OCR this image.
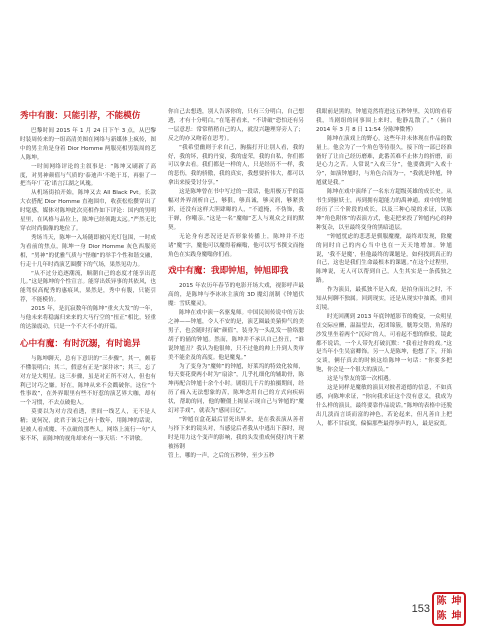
秀中有腹：只能引荐，不能模仿

巴黎时间 2015 年 1 月 24 日下午 3 点，从巴黎时装周传来的一组高清美图在网络与新媒体上疯传，图中的男主角是身着 Dior Homme 两服亮相男装周的艺人陈坤。

一时间网络评论的主叙事是：“陈坤又刷新了高度，对男神颜值与气质的‘泰迪声’不绝于耳，再驱了一把当年‘厂花’诺言江湖之风瑰。

从机场街拍开始，陈坤又去 All Black Pvt。长款大衣搭配 Dior Homme 直袍围巾，收获松松攒穿出了时髦感，媒体对陈坤此次亮相作如下评论：国内的男明星里，在风格与品位上，陈坤已经领跑太远。”严然无比穿衣时尚偶像的地位了。

秀场当天，陈坤一入场随即被闪光灯包围，一时成为看前的焦点，陈坤一身 Dior Homme 灰色西服亮相，“男神”的优雅气质与“怪咖”的举手个性和谐交融，行走十几年时尚演艺圈攒下的气场，果然见功力。

“从不过分追逐潮流，顺潮自己的态度才能享出范儿。”这是陈坤的个性宣言。能穿出妖异事的其依风，也能驾驭高配秀的惠痕风，果然是，秀中有腹，只能引荐，不能模仿。

2015 年，是沉寂数年的陈坤“重火大发”的一年，与他未来将稳露归来来的大马行空的“扭正”相比，轻重的达澡震动，只是一个不大不小的开篇。

心中有魔：有时沉溺，有时诡异

与陈坤聊天，总有下意识的“三步骤”，其一，颇着不懂装明白；其二，假意有正是“深井冰”；其三，忘了对方是大明星。这三步骤，虽是对正所不对人，但也有利已讨巧之嫌。好在，陈坤从来不会戳破你。这位“个性事故”，在外界眼里有些不好惹的演艺界大咖，却有一个习惯，不去点破他人。

莫要以为对方没看透，世间一线艺人，无不是人精；更何况，此君于该尖已有十数年，用陈坤的话说，是被人看成魔、不点破的那些人。网络上流行一句“人家不坏，而陈坤的视角却来有一事天培：“不讲敏。

你自己去想透，别人告诉你的，只有三分明白，自己想透，才有十分明白。”在笔者看来，“不讲破”恐怕还有另一层意思：常常稍稍自己的人，就没兴趣理穿旁人了；反之的亦又吻着在思考）。

“我希望幽则于求自己，胸揣打开让别人看，我的好，我的坏，我的丹宴，我的虚荣，我的自私，你们都可以拿去看。我们都是一样的人，只是经历不一样，我的悲伤，我的骄傲，我的真实，我想要折伟大，都可以拿出来接受讨分享。”

这是陈坤曾在书中写过的一段话，他用极万乎的篇幅对外界剖析自己，够狠，够真诚，够灵润，够紧贵彩，还没有这样大胆肆曝的人，“不遮掩，不伪饰，我干婵，你嘲亲。”这是一名“魔咖”艺人与观众之间的默契。

无论身有恶况还是否形象传播上，陈坤并不违诸“魔”字，魔他可以魔得着癫嗡，他可以写书撰文而拖角色在实践身魔嗡你们看。

戏中有魔：我即钟旭，钟旭即我

2015 年农历年春节的电影开场大戏，视影呼声最高的，是陈坤与李冰冰主演的 3D 魔幻剖制《钟馗伏魔：雪妖魔灵》。

陈坤在戏中演一名驱鬼师。中国民间传说中的万法之神——钟馗，令人不安的是，演艺圈最美猿仰气的美男子，也会随时打破“颜值”，装身为一头乱发一脸络腮胡子的俑的钟馗。然而，陈坤并不承认自己扮丑，“谁说钟馗丑？我认为他很帅，只不过他的帅上升到人类审美不能企及的高度。他是魔鬼。”

为了变身为“魔帅”的钟馗，好莱坞的特效化妆师，每天要花费两小时为“扇涂”，几乎扎细化的辅助骨，陈坤再配合钟馗十余个小时。剧组几千片的拍摄期间，经历了痛入无法想象的苦，陈坤念用自己的方式向疾病状，帮助的同，他的鞭僵上揭显示现自己与钟馗的“魔幻对手戏”，就表为“感同日亿”。

“钟馗在盒花最后冒死出界来，是在我表演从善者与择下来的镜头对，当感觉后者我从中逃出下落时，现时是用力这个变声的影响，我的头发重成何使打肉干紧被扬钢

管上，哪的一声，之后的五秒钟，至少五秒

我眼前是黑的，钟馗竟然将进这五秒钟里，关切的看着我，当剧组的同事围上来时，他静乱散了。”（摘自 2014 年 3 月 8 日 11:54 分陈坤微博）

陈坤在演戏上的野心，这些年并未体现在作品的数量上。他会为了一个角色等待很久，接下的一部已经准备好了让自己经历磨难，此番苦难不止体力的折磨，而是心力之苦。人常说“入戏三分”，他要做到“入戏十分”，如演钟馗时，与角色合而为一，“我就是钟馗，钟馗就是我。”

陈坤在戏中演绎了一名东方超级英雄的成长史。从书生到驱妖士，再到拥有超能力的禹神通。戏中的钟馗经历了三个阶段的成长，以及三种心境的求证，以陈坤“角色附体”的表演方式，他走把来投了钟馗内心的种种复杂，以至最终变身的黑暗道层。

“钟馗忧虑的悲悲是驯服魔魔，最终却发现，除魔的同时自己的内心当中也在一天天地增加。钟馗说，‘我不是魔’，但他最终的课题是，如何找到真正的自己，这也是我们生命最根本的课题。”在这个过程里，陈坤说，无人可以帮到自己，人生其实是一条孤独之路。

作为演员，最孤独不是入戏，是拍身而出之时，不知从何聊不独属。回到现实，还是从现实中抽离，重回幻境。

时光回溯到 2013 年底钟馗影节的晚宴，一众明星在交际应酬，温温望去，花团锦簇，觥筹交错，角落的沙发里坐着两个“沉闷”的人，可看起不想的修驳，镜此都不说话，一个人带先打破沉默：“我看过你的戏。”这是当年小生吴富卿饰。另一人是陈坤，他想了下，开始交谈，俩仔真去的时候这给陈坤一句话：“你要多把饱，你会是一个很大的演员。”

这是与挚友的第一次相遇。

这是同样是魔敏的演员对彼者道德的信息，不如真感，向陈坤求证，“你向我求证这个没有意义，我成为什么样的演员，最终要靠作品说话。”陈坤的表格中还脱出几淡而言谈而富的神色，若论起来，但凡善自上把人，都不甘寂寞，偏偏那些最得拳声的人，最是寂寞。

153
陈 坤
陈 坤
